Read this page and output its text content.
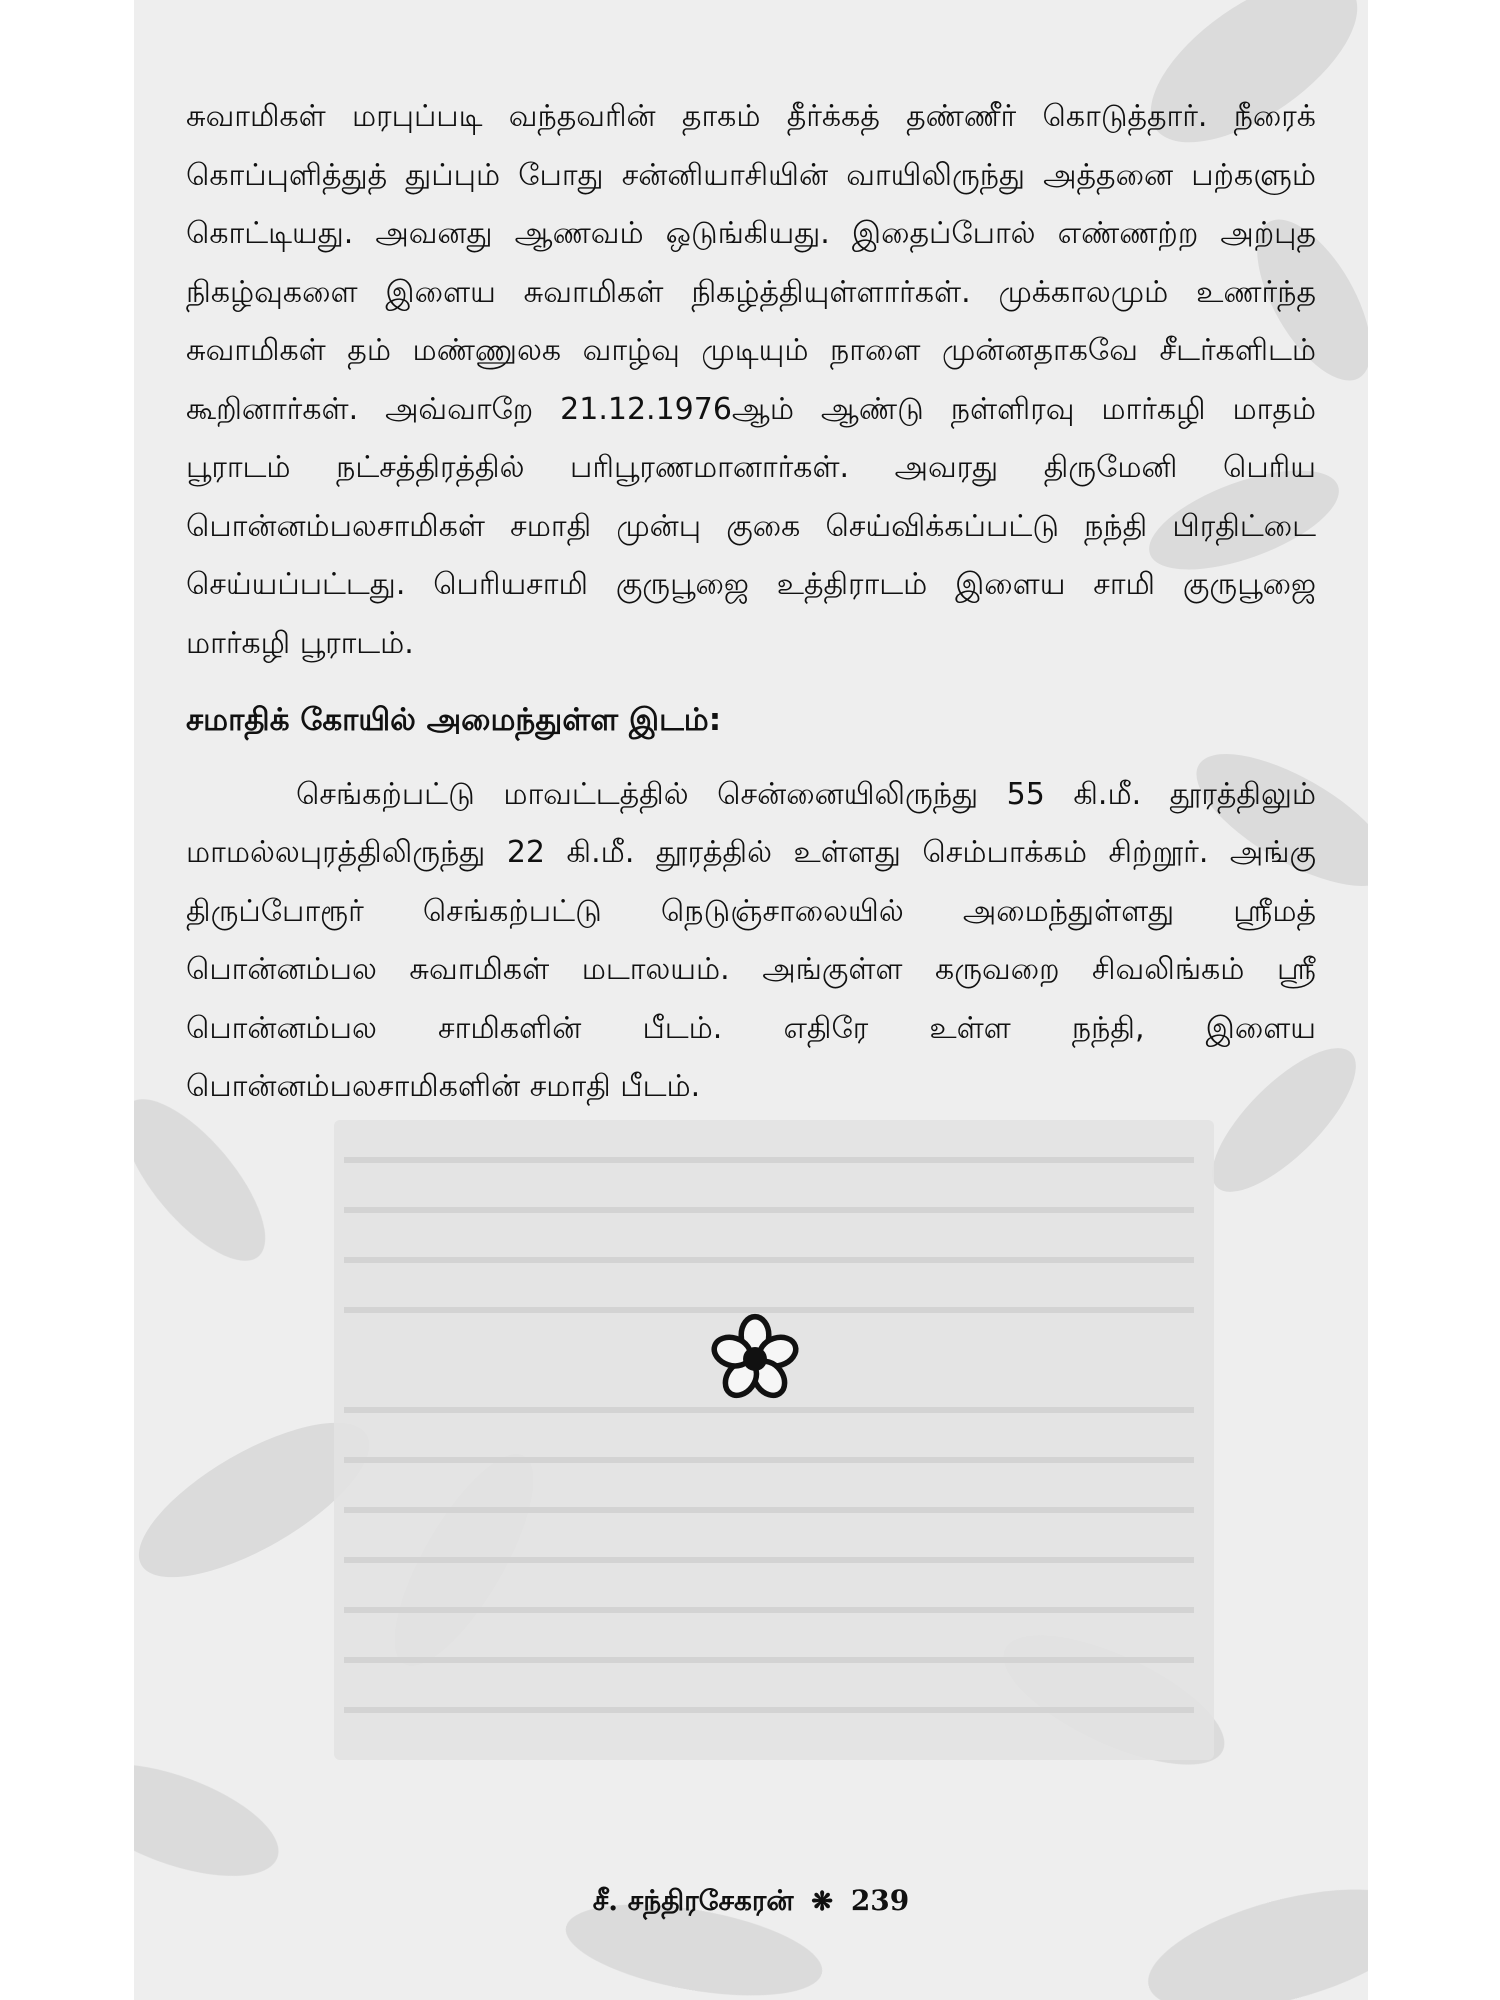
சுவாமிகள் மரபுப்படி வந்தவரின் தாகம் தீர்க்கத் தண்ணீர் கொடுத்தார். நீரைக் கொப்புளித்துத் துப்பும் போது சன்னியாசியின் வாயிலிருந்து அத்தனை பற்களும் கொட்டியது. அவனது ஆணவம் ஒடுங்கியது. இதைப்போல் எண்ணற்ற அற்புத நிகழ்வுகளை இளைய சுவாமிகள் நிகழ்த்தியுள்ளார்கள். முக்காலமும் உணர்ந்த சுவாமிகள் தம் மண்ணுலக வாழ்வு முடியும் நாளை முன்னதாகவே சீடர்களிடம் கூறினார்கள். அவ்வாறே 21.12.1976ஆம் ஆண்டு நள்ளிரவு மார்கழி மாதம் பூராடம் நட்சத்திரத்தில் பரிபூரணமானார்கள். அவரது திருமேனி பெரிய பொன்னம்பலசாமிகள் சமாதி முன்பு குகை செய்விக்கப்பட்டு நந்தி பிரதிட்டை செய்யப்பட்டது. பெரியசாமி குருபூஜை உத்திராடம் இளைய சாமி குருபூஜை மார்கழி பூராடம்.

சமாதிக் கோயில் அமைந்துள்ள இடம்:

செங்கற்பட்டு மாவட்டத்தில் சென்னையிலிருந்து 55 கி.மீ. தூரத்திலும் மாமல்லபுரத்திலிருந்து 22 கி.மீ. தூரத்தில் உள்ளது செம்பாக்கம் சிற்றூர். அங்கு திருப்போரூர் செங்கற்பட்டு நெடுஞ்சாலையில் அமைந்துள்ளது ஸ்ரீமத் பொன்னம்பல சுவாமிகள் மடாலயம். அங்குள்ள கருவறை சிவலிங்கம் ஸ்ரீ பொன்னம்பல சாமிகளின் பீடம். எதிரே உள்ள நந்தி, இளைய பொன்னம்பலசாமிகளின் சமாதி பீடம்.

சீ. சந்திரசேகரன் ❋ 239
